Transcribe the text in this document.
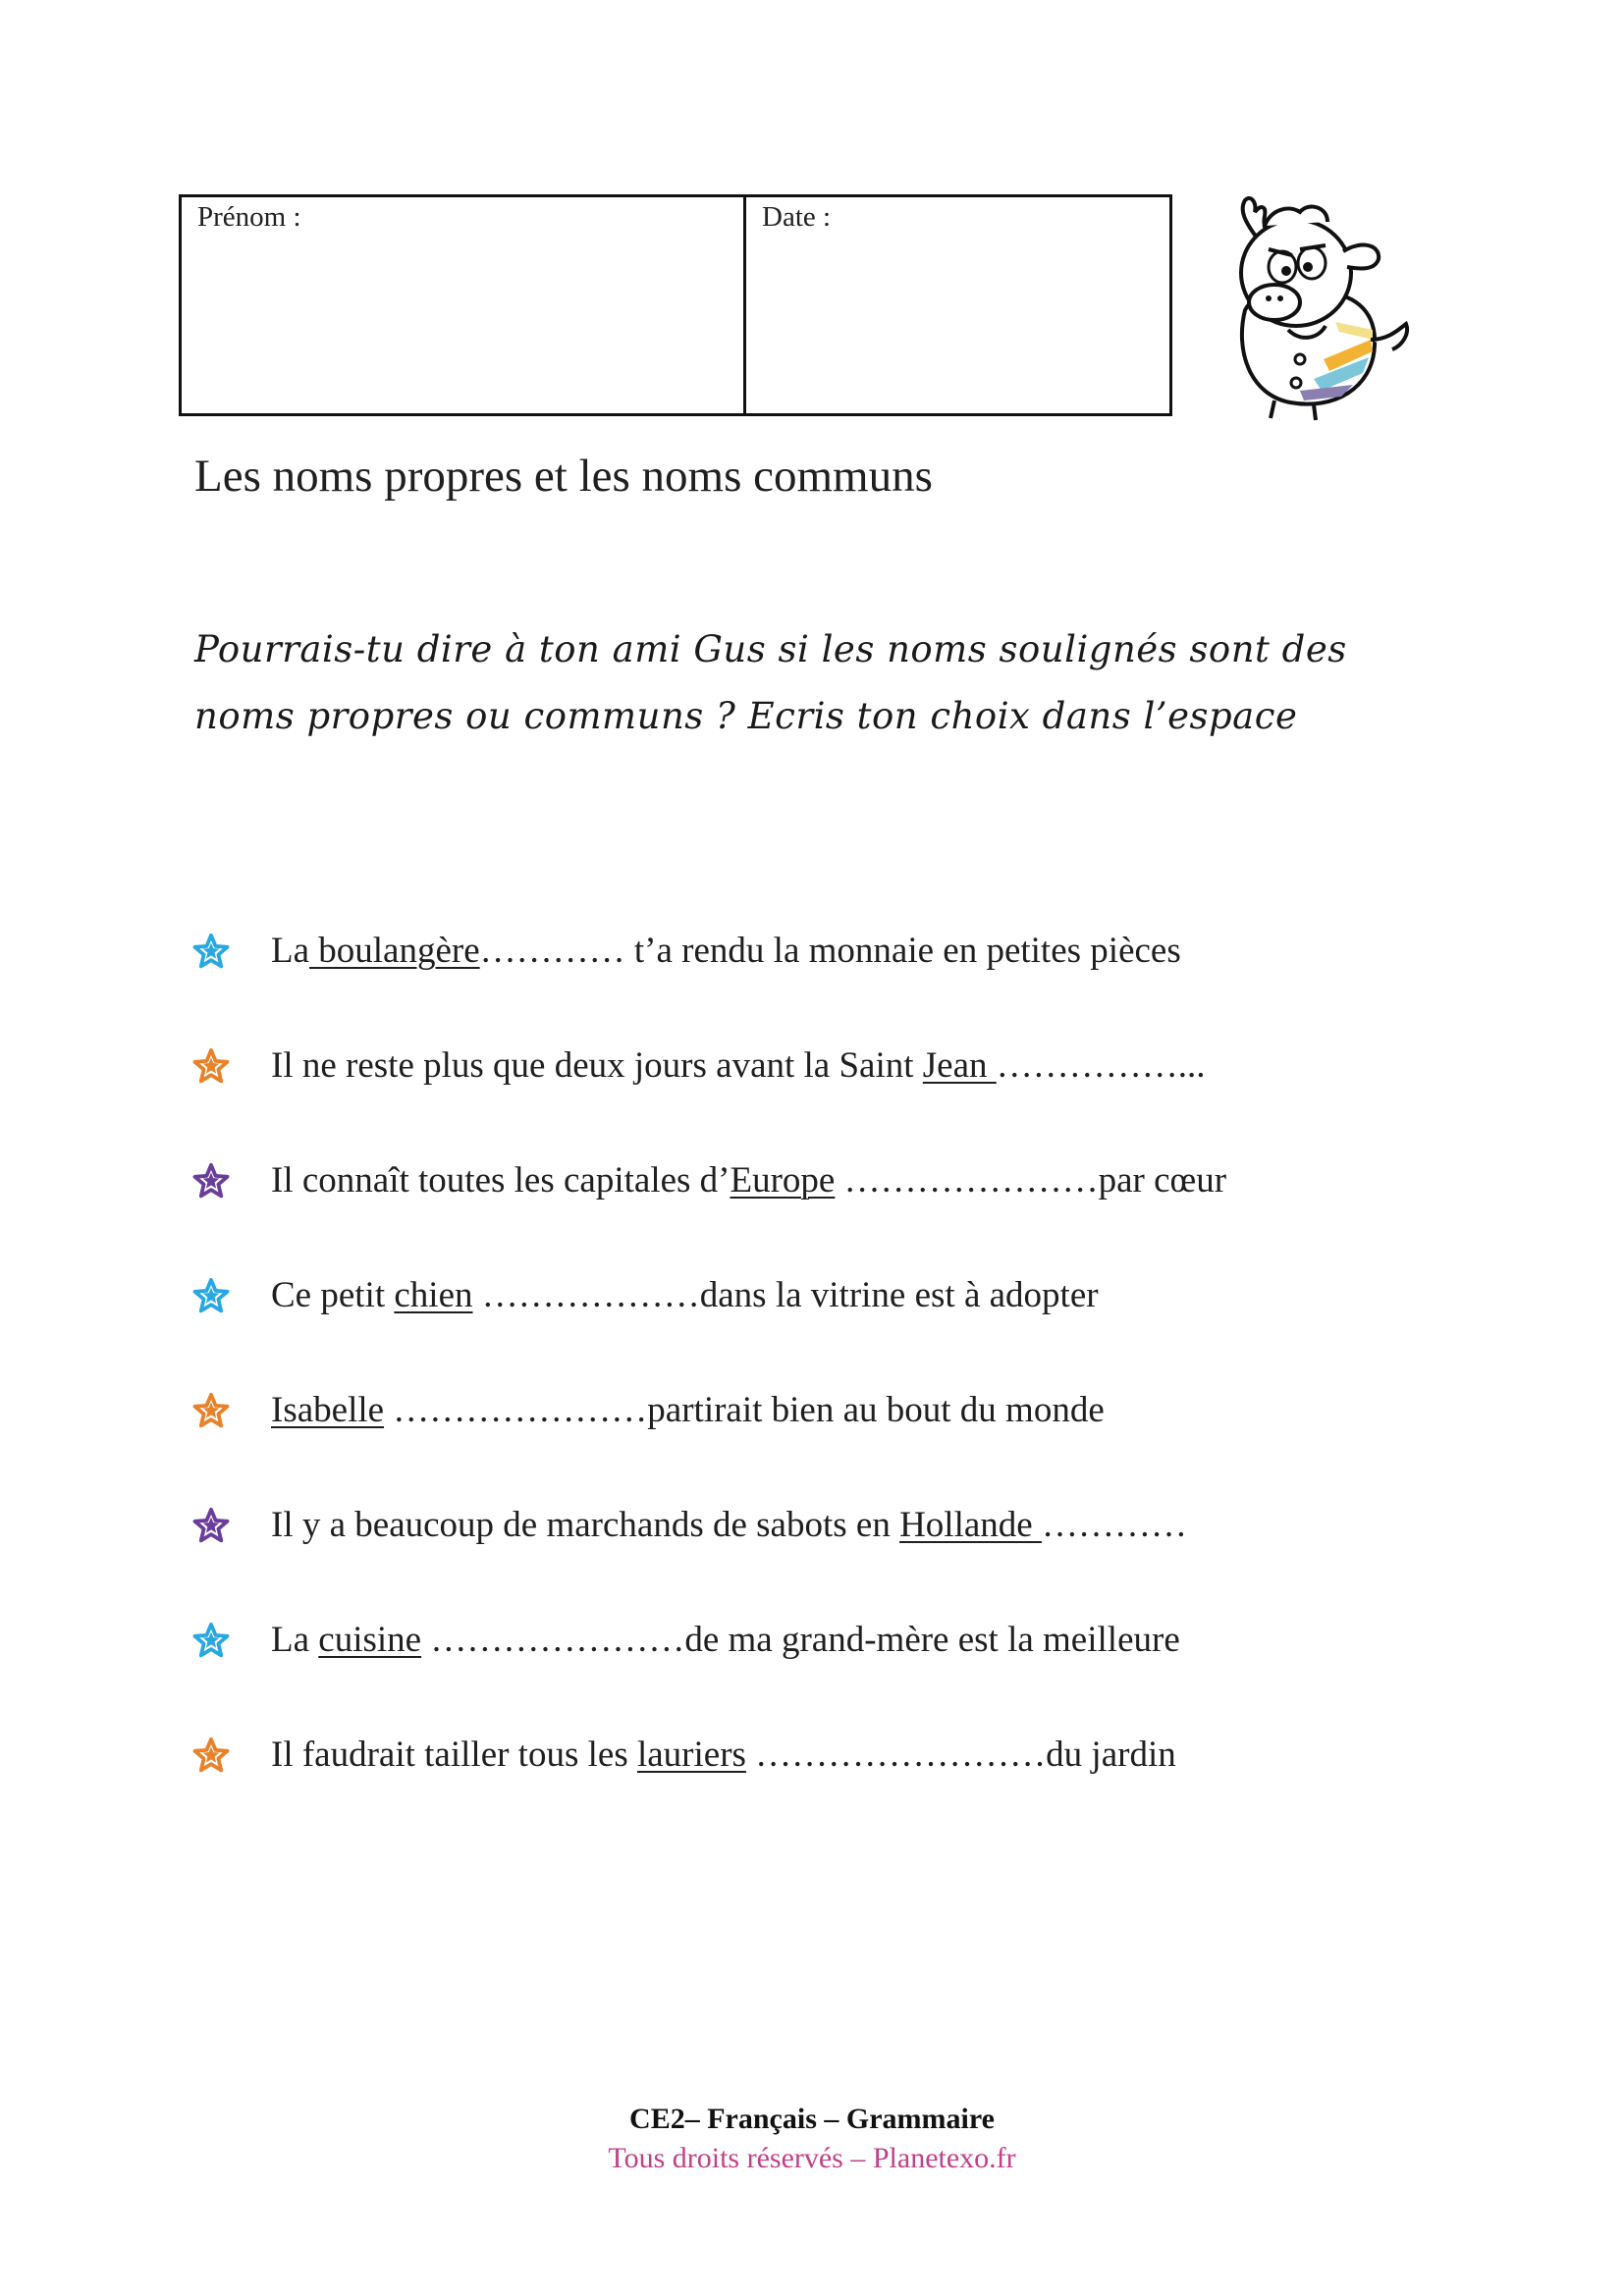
Prénom :	Date :
Les noms propres et les noms communs
Pourrais-tu dire à ton ami Gus si les noms soulignés sont des noms propres ou communs ? Ecris ton choix dans l’espace
La boulangère………… t’a rendu la monnaie en petites pièces
Il ne reste plus que deux jours avant la Saint Jean ……………...
Il connaît toutes les capitales d’Europe …………………par cœur
Ce petit chien ………………dans la vitrine est à adopter
Isabelle …………………partirait bien au bout du monde
Il y a beaucoup de marchands de sabots en Hollande …………
La cuisine …………………de ma grand-mère est la meilleure
Il faudrait tailler tous les lauriers ……………………du jardin
CE2– Français – Grammaire
Tous droits réservés – Planetexo.fr
